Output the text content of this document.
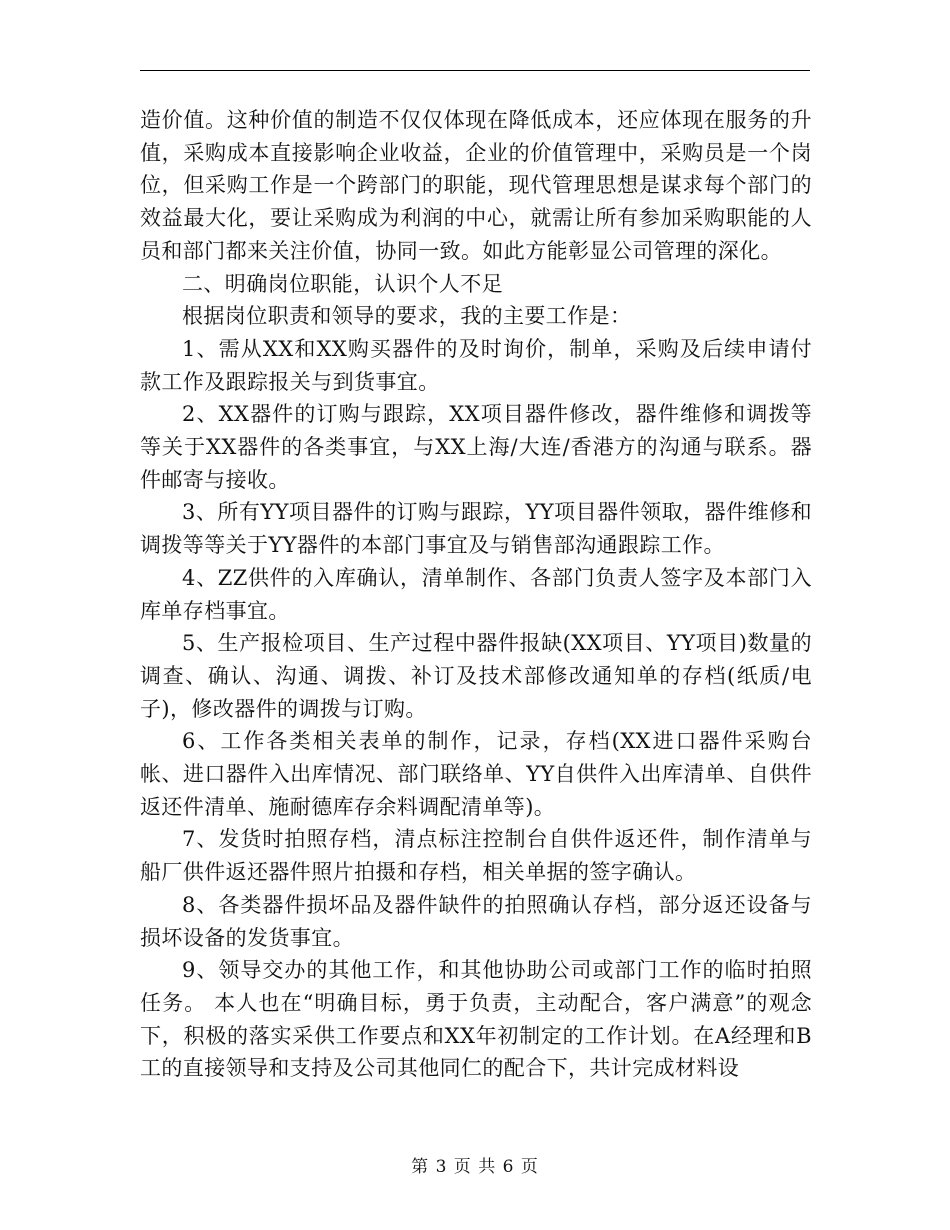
造价值。这种价值的制造不仅仅体现在降低成本，还应体现在服务的升值，采购成本直接影响企业收益，企业的价值管理中，采购员是一个岗位，但采购工作是一个跨部门的职能，现代管理思想是谋求每个部门的效益最大化，要让采购成为利润的中心，就需让所有参加采购职能的人员和部门都来关注价值，协同一致。如此方能彰显公司管理的深化。

二、明确岗位职能，认识个人不足

根据岗位职责和领导的要求，我的主要工作是：

1、需从XX和XX购买器件的及时询价，制单，采购及后续申请付款工作及跟踪报关与到货事宜。

2、XX器件的订购与跟踪，XX项目器件修改，器件维修和调拨等等关于XX器件的各类事宜，与XX上海/大连/香港方的沟通与联系。器件邮寄与接收。

3、所有YY项目器件的订购与跟踪，YY项目器件领取，器件维修和调拨等等关于YY器件的本部门事宜及与销售部沟通跟踪工作。

4、ZZ供件的入库确认，清单制作、各部门负责人签字及本部门入库单存档事宜。

5、生产报检项目、生产过程中器件报缺(XX项目、YY项目)数量的调查、确认、沟通、调拨、补订及技术部修改通知单的存档(纸质/电子)，修改器件的调拨与订购。

6、工作各类相关表单的制作，记录，存档(XX进口器件采购台帐、进口器件入出库情况、部门联络单、YY自供件入出库清单、自供件返还件清单、施耐德库存余料调配清单等)。

7、发货时拍照存档，清点标注控制台自供件返还件，制作清单与船厂供件返还器件照片拍摄和存档，相关单据的签字确认。

8、各类器件损坏品及器件缺件的拍照确认存档，部分返还设备与损坏设备的发货事宜。

9、领导交办的其他工作，和其他协助公司或部门工作的临时拍照任务。 本人也在“明确目标，勇于负责，主动配合，客户满意”的观念下，积极的落实采供工作要点和XX年初制定的工作计划。在A经理和B工的直接领导和支持及公司其他同仁的配合下，共计完成材料设

第 3 页 共 6 页
